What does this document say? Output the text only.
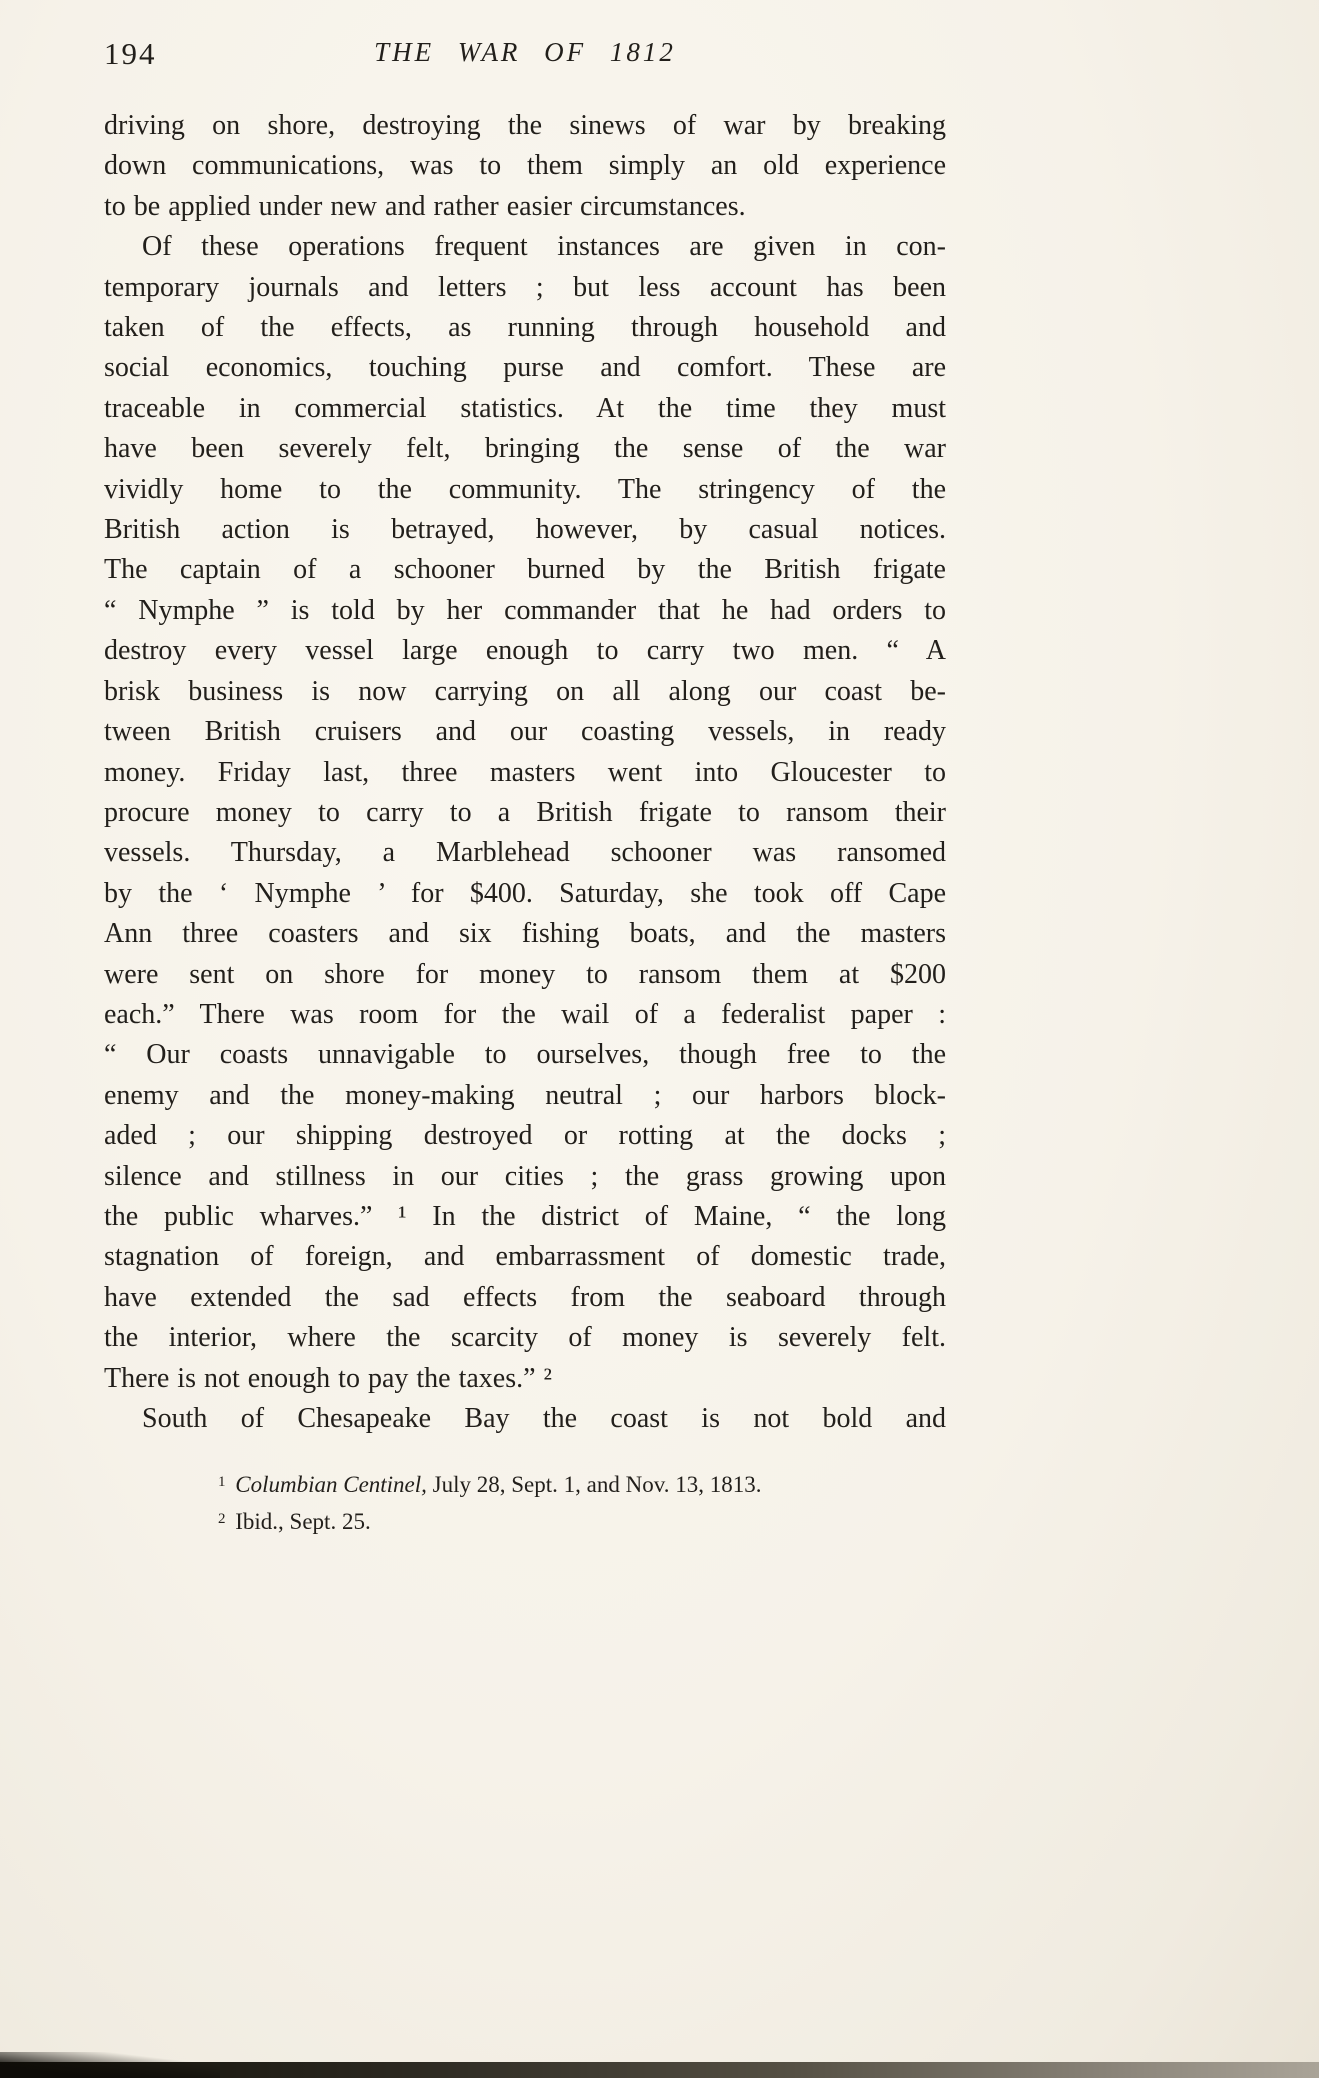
194	THE WAR OF 1812
driving on shore, destroying the sinews of war by breaking
down communications, was to them simply an old experience
to be applied under new and rather easier circumstances.
Of these operations frequent instances are given in con-
temporary journals and letters ; but less account has been
taken of the effects, as running through household and
social economics, touching purse and comfort. These are
traceable in commercial statistics. At the time they must
have been severely felt, bringing the sense of the war
vividly home to the community. The stringency of the
British action is betrayed, however, by casual notices.
The captain of a schooner burned by the British frigate
“ Nymphe ” is told by her commander that he had orders to
destroy every vessel large enough to carry two men. “ A
brisk business is now carrying on all along our coast be-
tween British cruisers and our coasting vessels, in ready
money. Friday last, three masters went into Gloucester to
procure money to carry to a British frigate to ransom their
vessels. Thursday, a Marblehead schooner was ransomed
by the ‘ Nymphe ’ for $400. Saturday, she took off Cape
Ann three coasters and six fishing boats, and the masters
were sent on shore for money to ransom them at $200
each.” There was room for the wail of a federalist paper :
“ Our coasts unnavigable to ourselves, though free to the
enemy and the money-making neutral ; our harbors block-
aded ; our shipping destroyed or rotting at the docks ;
silence and stillness in our cities ; the grass growing upon
the public wharves.” ¹ In the district of Maine, “ the long
stagnation of foreign, and embarrassment of domestic trade,
have extended the sad effects from the seaboard through
the interior, where the scarcity of money is severely felt.
There is not enough to pay the taxes.” ²
South of Chesapeake Bay the coast is not bold and
$^1$ Columbian Centinel, July 28, Sept. 1, and Nov. 13, 1813.
$^2$ Ibid., Sept. 25.
